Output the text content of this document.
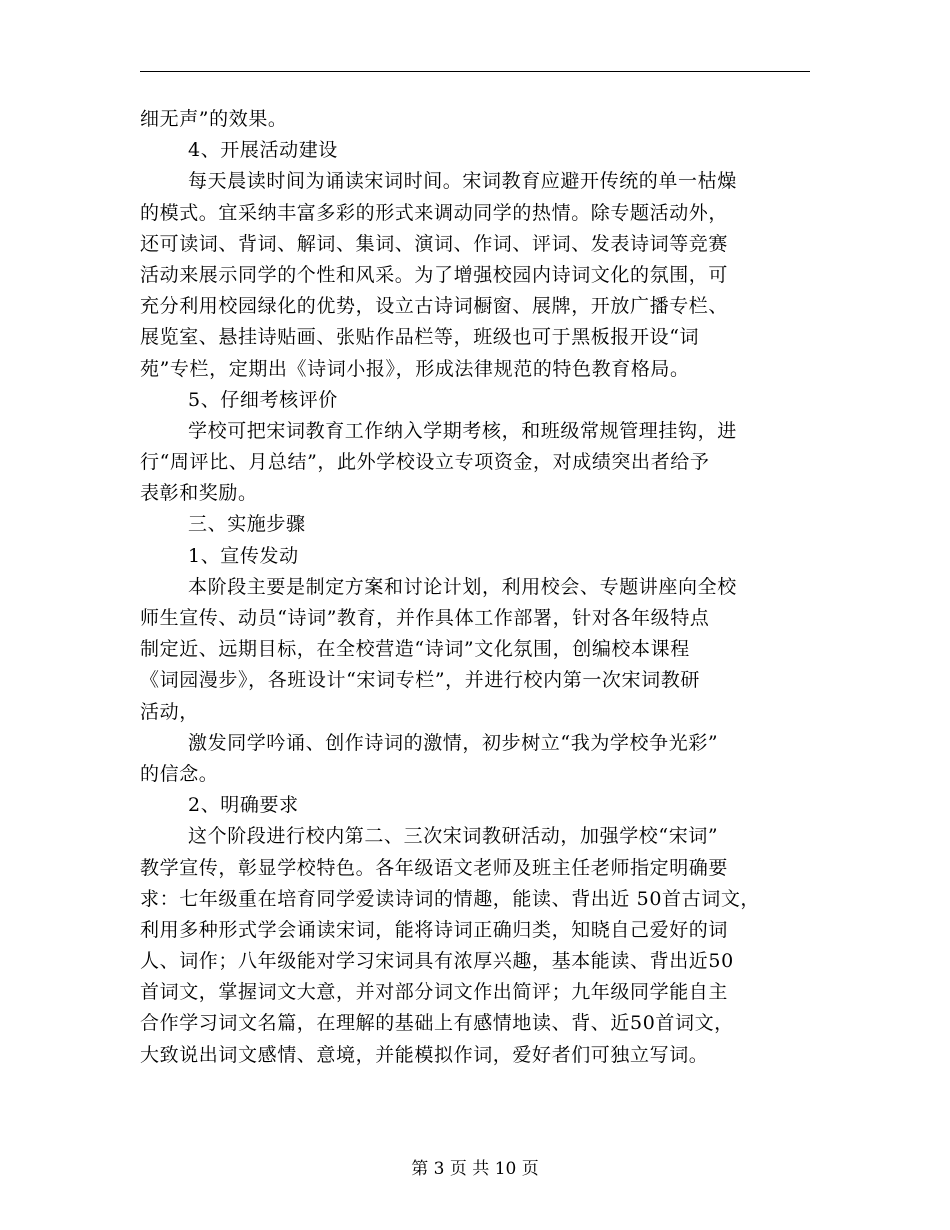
细无声”的效果。
4、开展活动建设
每天晨读时间为诵读宋词时间。宋词教育应避开传统的单一枯燥
的模式。宜采纳丰富多彩的形式来调动同学的热情。除专题活动外，
还可读词、背词、解词、集词、演词、作词、评词、发表诗词等竞赛
活动来展示同学的个性和风采。为了增强校园内诗词文化的氛围，可
充分利用校园绿化的优势，设立古诗词橱窗、展牌，开放广播专栏、
展览室、悬挂诗贴画、张贴作品栏等，班级也可于黑板报开设“词
苑”专栏，定期出《诗词小报》，形成法律规范的特色教育格局。
5、仔细考核评价
学校可把宋词教育工作纳入学期考核，和班级常规管理挂钩，进
行“周评比、月总结”，此外学校设立专项资金，对成绩突出者给予
表彰和奖励。
三、实施步骤
1、宣传发动
本阶段主要是制定方案和讨论计划，利用校会、专题讲座向全校
师生宣传、动员“诗词”教育，并作具体工作部署，针对各年级特点
制定近、远期目标，在全校营造“诗词”文化氛围，创编校本课程
《词园漫步》，各班设计“宋词专栏”，并进行校内第一次宋词教研
活动，
激发同学吟诵、创作诗词的激情，初步树立“我为学校争光彩”
的信念。
2、明确要求
这个阶段进行校内第二、三次宋词教研活动，加强学校“宋词”
教学宣传，彰显学校特色。各年级语文老师及班主任老师指定明确要
求：七年级重在培育同学爱读诗词的情趣，能读、背出近 50首古词文，
利用多种形式学会诵读宋词，能将诗词正确归类，知晓自己爱好的词
人、词作；八年级能对学习宋词具有浓厚兴趣，基本能读、背出近50
首词文，掌握词文大意，并对部分词文作出简评；九年级同学能自主
合作学习词文名篇，在理解的基础上有感情地读、背、近50首词文，
大致说出词文感情、意境，并能模拟作词，爱好者们可独立写词。
第 3 页 共 10 页
